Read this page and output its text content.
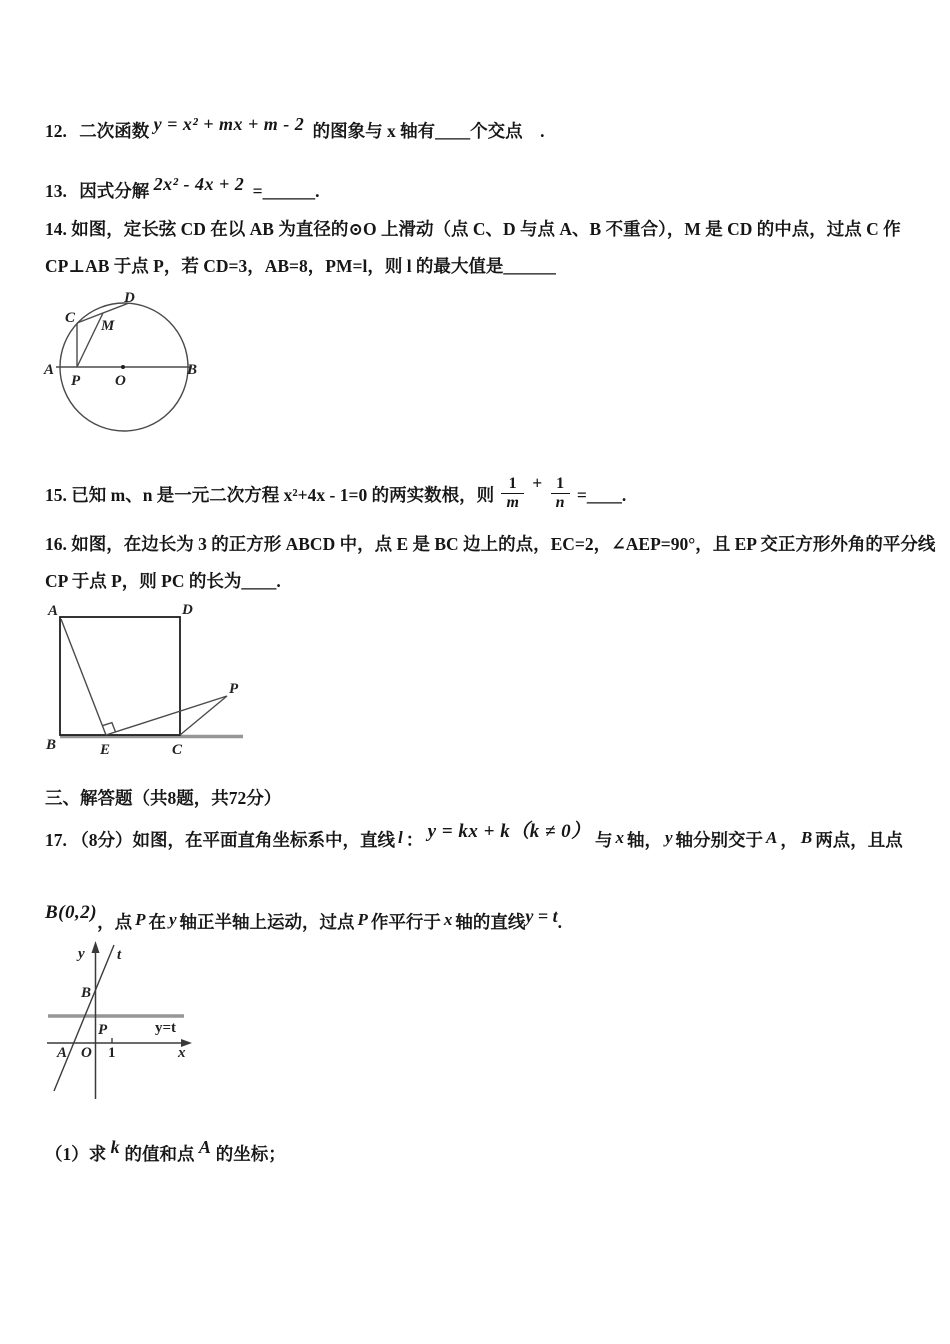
12. 二次函数 y = x² + mx + m - 2 的图象与 x 轴有____个交点　.
13. 因式分解 2x² - 4x + 2 =______.
14. 如图，定长弦 CD 在以 AB 为直径的⊙O 上滑动（点 C、D 与点 A、B 不重合），M 是 CD 的中点，过点 C 作
CP⊥AB 于点 P，若 CD=3，AB=8，PM=l，则 l 的最大值是______
D
C M
A
P O
B
15. 已知 m、n 是一元二次方程 x²+4x - 1=0 的两实数根，则 $\frac{1}{m} + \frac{1}{n}$ =____.
16. 如图，在边长为 3 的正方形 ABCD 中，点 E 是 BC 边上的点，EC=2，∠AEP=90°，且 EP 交正方形外角的平分线
CP 于点 P，则 PC 的长为____.
A	D
B	E	C
P
三、解答题（共8题，共72分）
17. （8分）如图，在平面直角坐标系中，直线 l ： y = kx + k（k ≠ 0） 与 x 轴， y 轴分别交于 A ， B 两点，且点
B(0,2)，点 P 在 y 轴正半轴上运动，过点 P 作平行于 x 轴的直线y = t.
y t
B
P	y=t
A O 1	x
（1）求 k 的值和点 A 的坐标；
